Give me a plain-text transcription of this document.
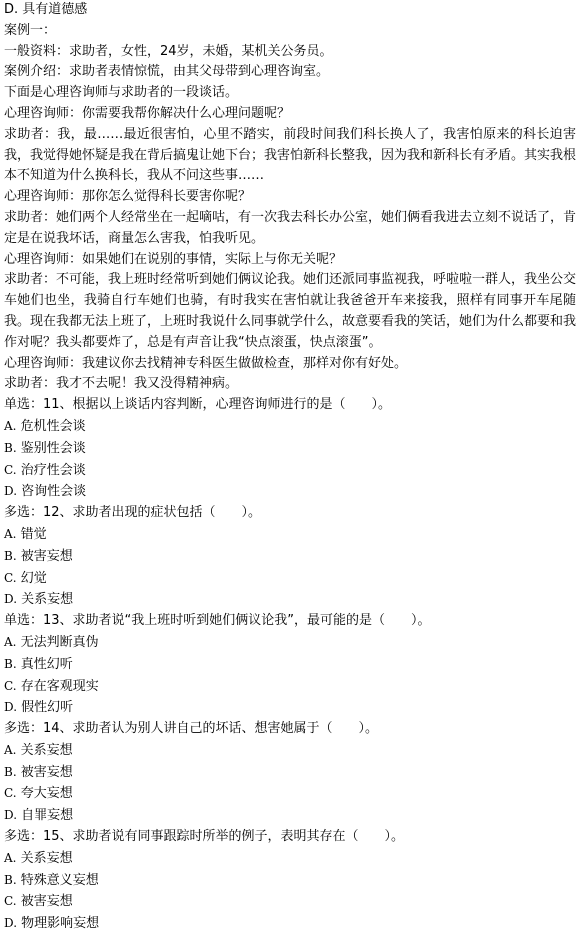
D. 具有道德感

案例一：

一般资料：求助者，女性，24岁，未婚，某机关公务员。

案例介绍：求助者表情惊慌，由其父母带到心理咨询室。

下面是心理咨询师与求助者的一段谈话。

心理咨询师：你需要我帮你解决什么心理问题呢？

求助者：我，最……最近很害怕，心里不踏实，前段时间我们科长换人了，我害怕原来的科长迫害我，我觉得她怀疑是我在背后搞鬼让她下台；我害怕新科长整我，因为我和新科长有矛盾。其实我根本不知道为什么换科长，我从不问这些事……

心理咨询师：那你怎么觉得科长要害你呢？

求助者：她们两个人经常坐在一起嘀咕，有一次我去科长办公室，她们俩看我进去立刻不说话了，肯定是在说我坏话，商量怎么害我，怕我听见。

心理咨询师：如果她们在说别的事情，实际上与你无关呢？

求助者：不可能，我上班时经常听到她们俩议论我。她们还派同事监视我，呼啦啦一群人，我坐公交车她们也坐，我骑自行车她们也骑，有时我实在害怕就让我爸爸开车来接我，照样有同事开车尾随我。现在我都无法上班了，上班时我说什么同事就学什么，故意要看我的笑话，她们为什么都要和我作对呢？我头都要炸了，总是有声音让我“快点滚蛋，快点滚蛋”。

心理咨询师：我建议你去找精神专科医生做做检查，那样对你有好处。

求助者：我才不去呢！我又没得精神病。

单选：11、根据以上谈话内容判断，心理咨询师进行的是（　　）。

A. 危机性会谈

B. 鉴别性会谈

C. 治疗性会谈

D. 咨询性会谈

多选：12、求助者出现的症状包括（　　）。

A. 错觉

B. 被害妄想

C. 幻觉

D. 关系妄想

单选：13、求助者说“我上班时听到她们俩议论我”，最可能的是（　　）。

A. 无法判断真伪

B. 真性幻听

C. 存在客观现实

D. 假性幻听

多选：14、求助者认为别人讲自己的坏话、想害她属于（　　）。

A. 关系妄想

B. 被害妄想

C. 夸大妄想

D. 自罪妄想

多选：15、求助者说有同事跟踪时所举的例子，表明其存在（　　）。

A. 关系妄想

B. 特殊意义妄想

C. 被害妄想

D. 物理影响妄想
